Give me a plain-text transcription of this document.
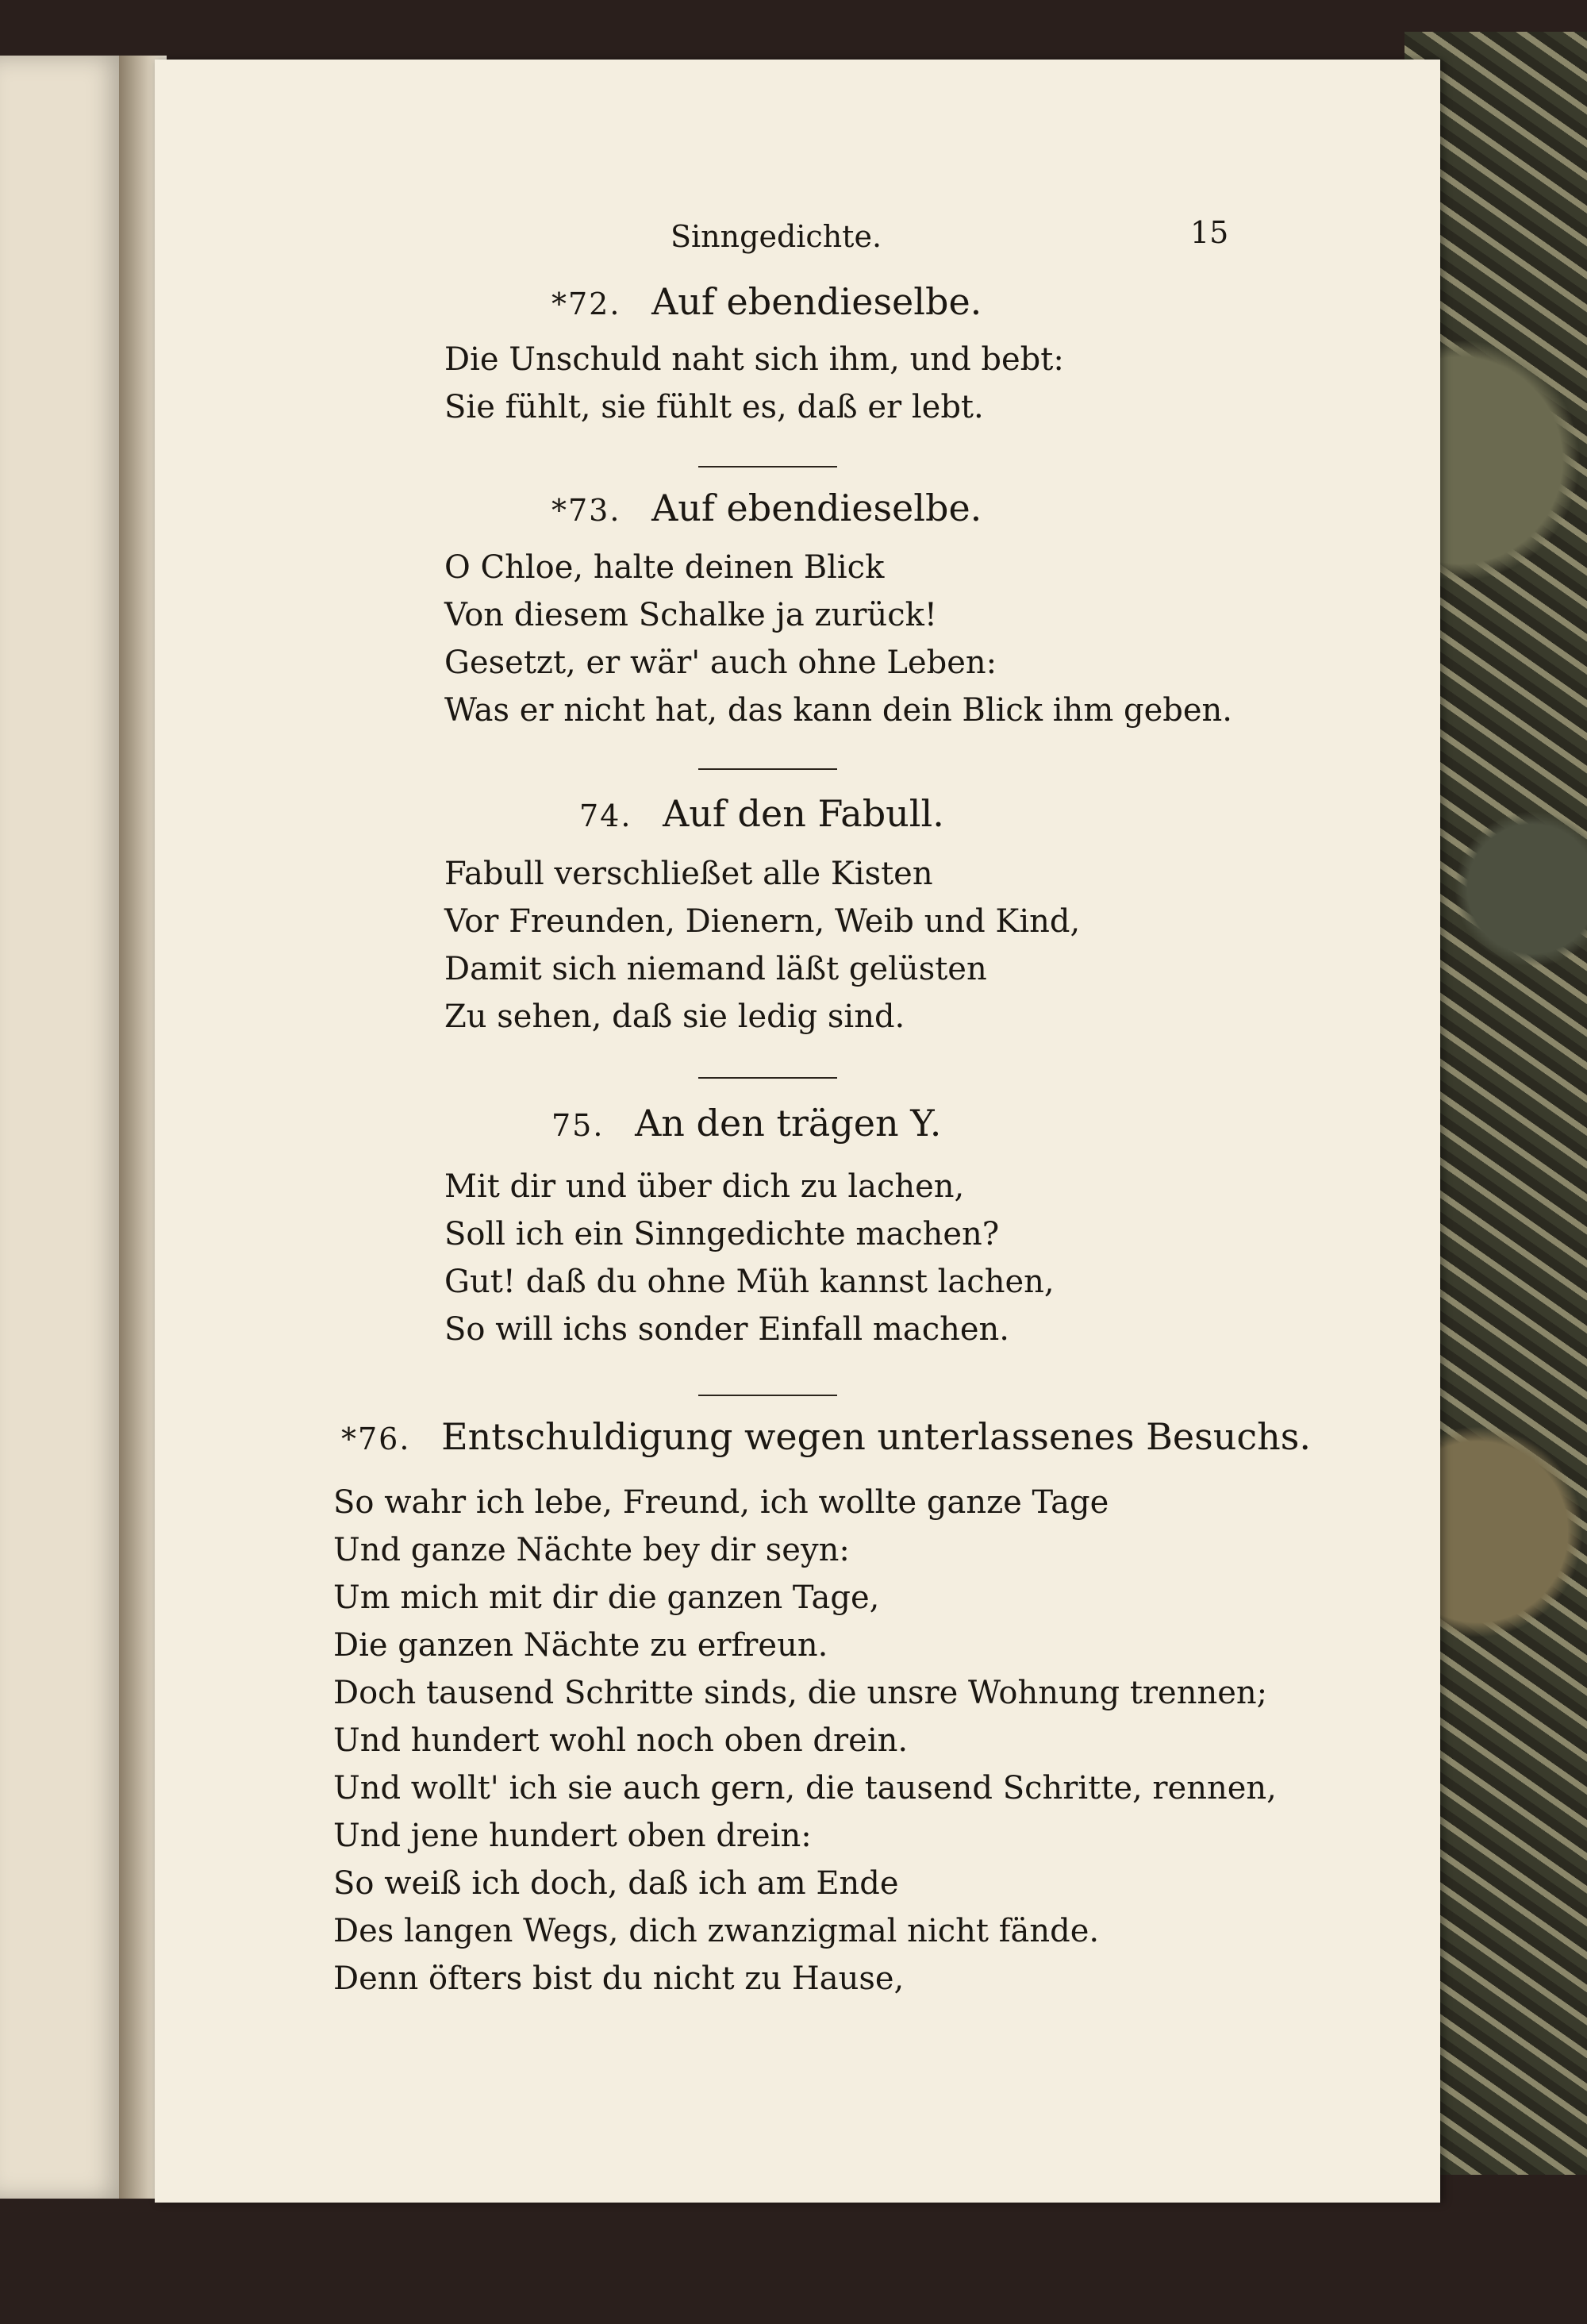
Sinngedichte.	15
*72. Auf ebendieselbe.
Die Unschuld naht sich ihm, und bebt:
Sie fühlt, sie fühlt es, daß er lebt.
*73. Auf ebendieselbe.
O Chloe, halte deinen Blick
Von diesem Schalke ja zurück!
Gesetzt, er wär' auch ohne Leben:
Was er nicht hat, das kann dein Blick ihm geben.
74. Auf den Fabull.
Fabull verschließet alle Kisten
Vor Freunden, Dienern, Weib und Kind,
Damit sich niemand läßt gelüsten
Zu sehen, daß sie ledig sind.
75. An den trägen Y.
Mit dir und über dich zu lachen,
Soll ich ein Sinngedichte machen?
Gut! daß du ohne Müh kannst lachen,
So will ichs sonder Einfall machen.
*76. Entschuldigung wegen unterlassenes Besuchs.
So wahr ich lebe, Freund, ich wollte ganze Tage
Und ganze Nächte bey dir seyn:
Um mich mit dir die ganzen Tage,
Die ganzen Nächte zu erfreun.
Doch tausend Schritte sinds, die unsre Wohnung trennen;
Und hundert wohl noch oben drein.
Und wollt' ich sie auch gern, die tausend Schritte, rennen,
Und jene hundert oben drein:
So weiß ich doch, daß ich am Ende
Des langen Wegs, dich zwanzigmal nicht fände.
Denn öfters bist du nicht zu Hause,
